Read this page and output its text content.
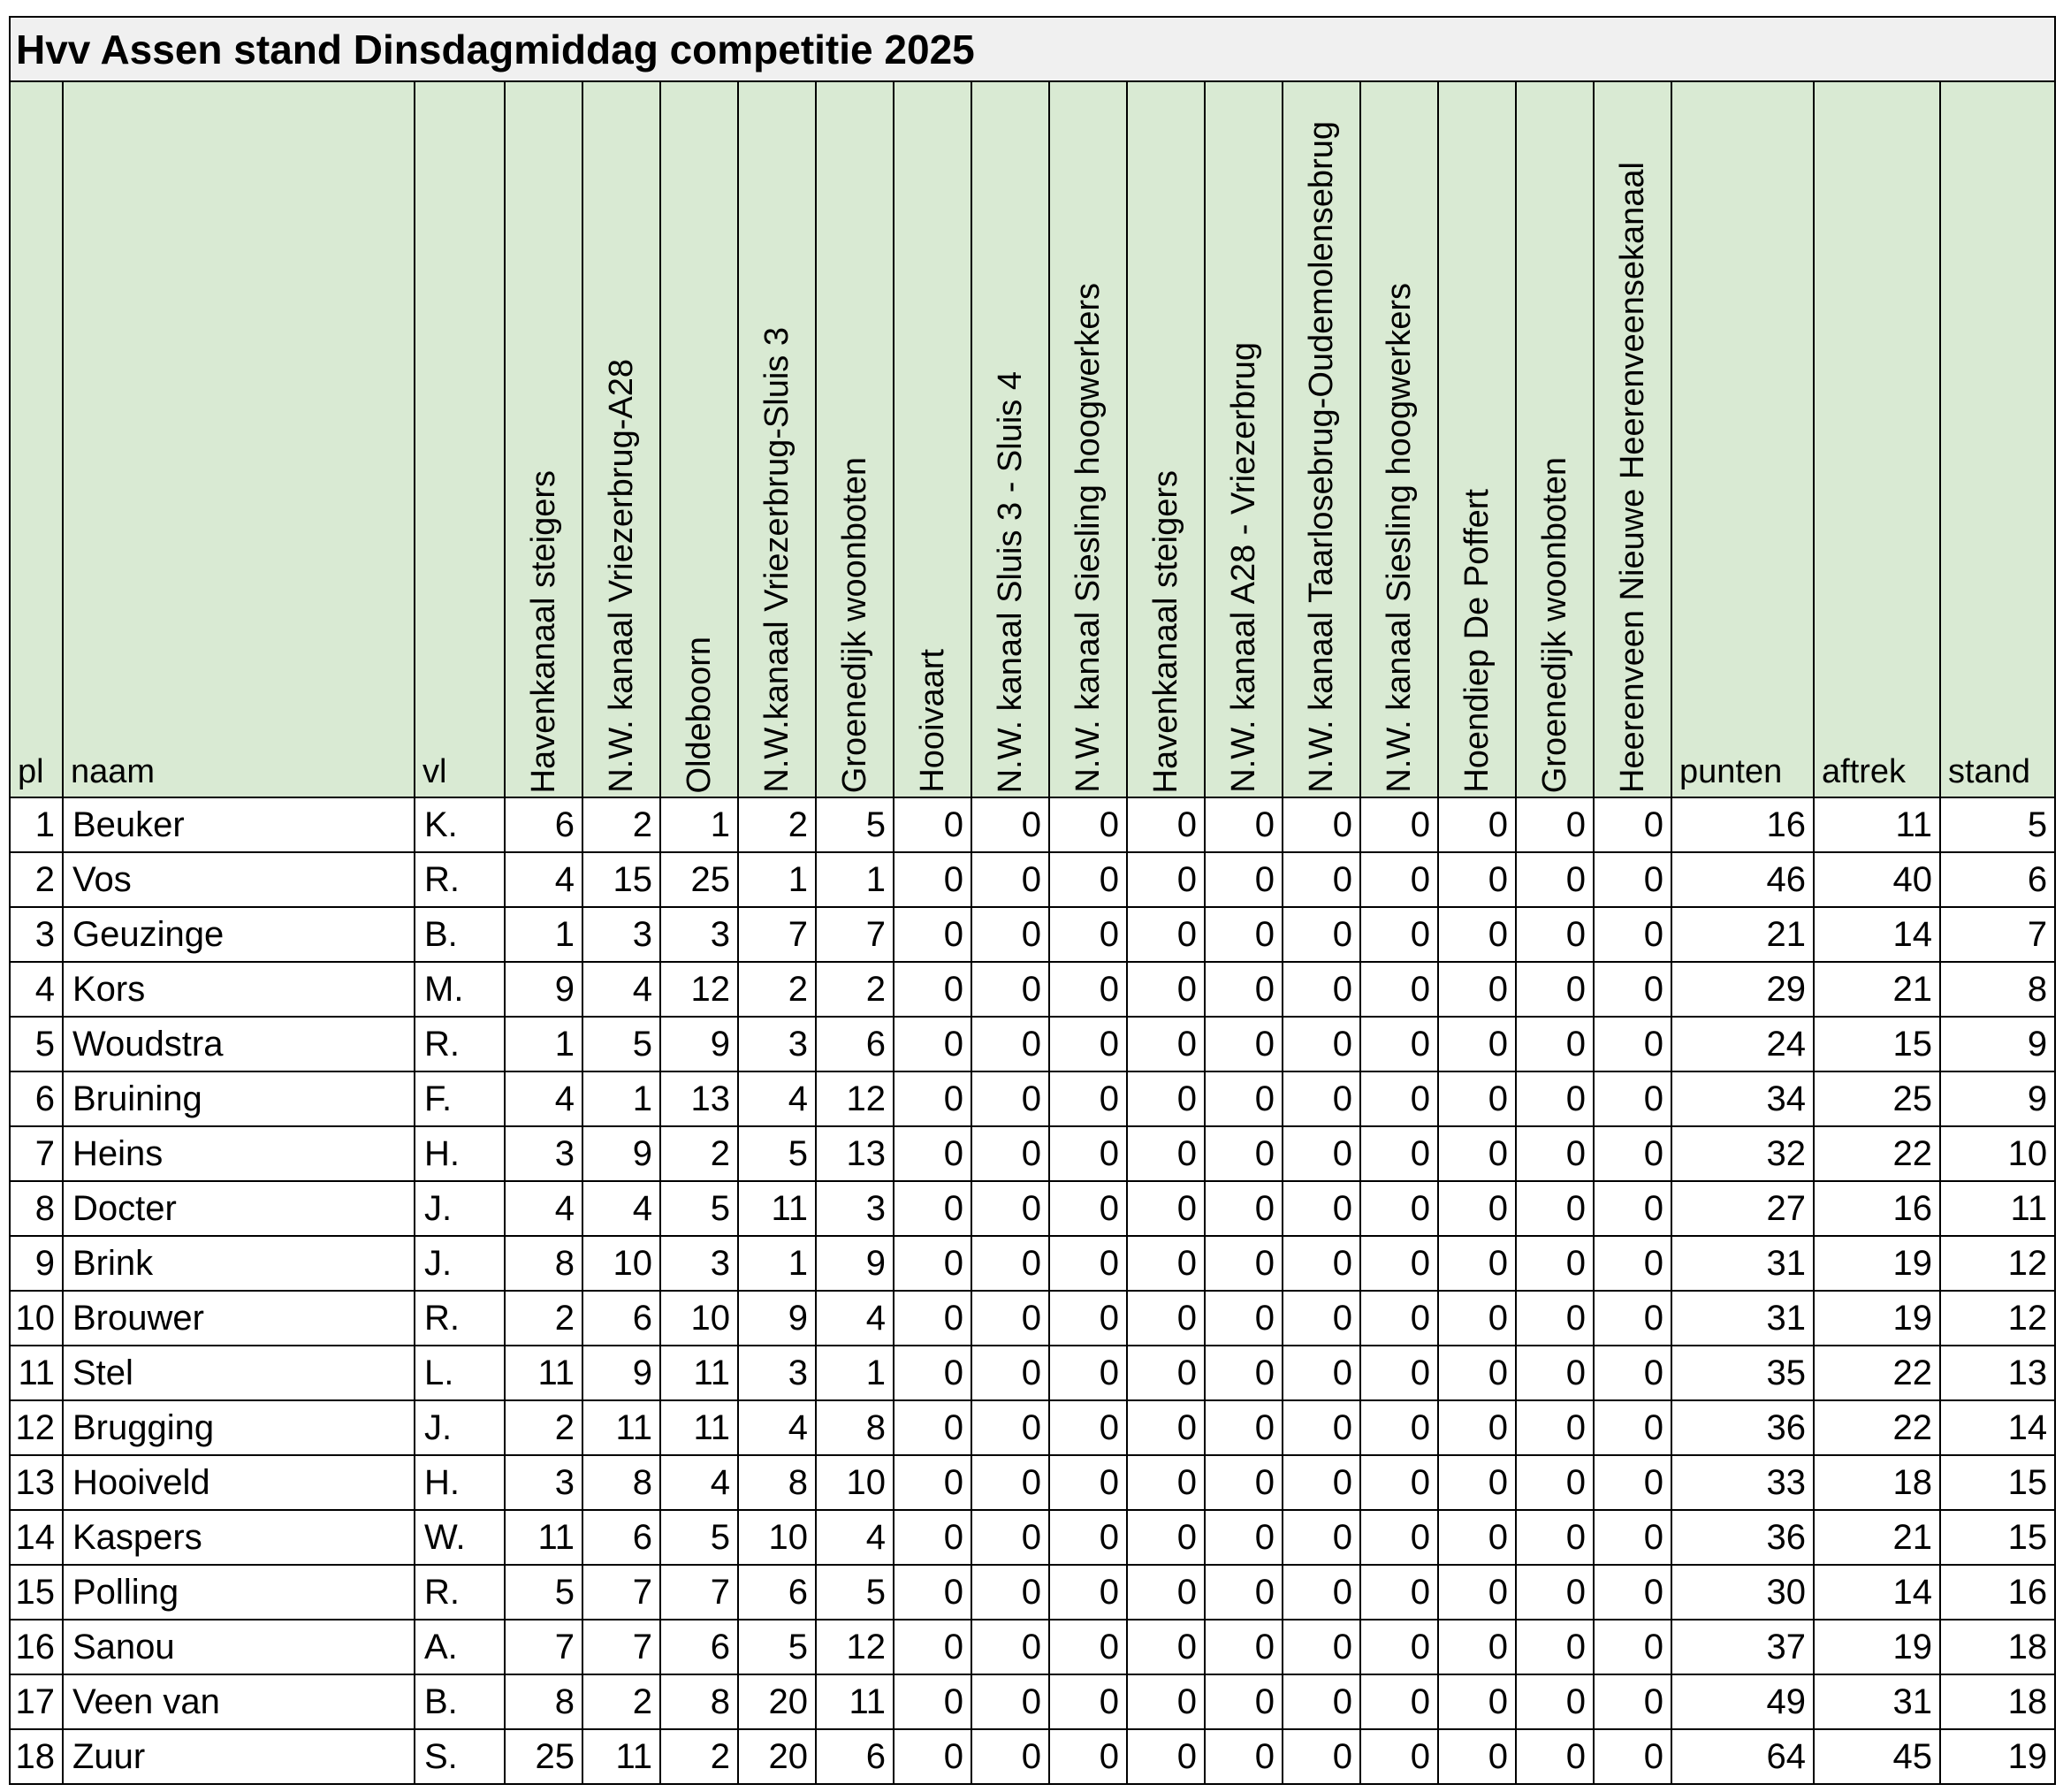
Hvv Assen stand Dinsdagmiddag competitie 2025																				

pl	naam	vl	Havenkanaal steigers	N.W. kanaal Vriezerbrug-A28	Oldeboorn	N.W.kanaal Vriezerbrug-Sluis 3	Groenedijk woonboten	Hooivaart	N.W. kanaal Sluis 3 - Sluis 4	N.W. kanaal Siesling hoogwerkers	Havenkanaal steigers	N.W. kanaal A28 - Vriezerbrug	N.W. kanaal Taarlosebrug-Oudemolensebrug	N.W. kanaal Siesling hoogwerkers	Hoendiep De Poffert	Groenedijk woonboten	Heerenveen Nieuwe Heerenveensekanaal	punten	aftrek	stand

1	Beuker	K.	6	2	1	2	5	0	0	0	0	0	0	0	0	0	0	16	11	5
2	Vos	R.	4	15	25	1	1	0	0	0	0	0	0	0	0	0	0	46	40	6
3	Geuzinge	B.	1	3	3	7	7	0	0	0	0	0	0	0	0	0	0	21	14	7
4	Kors	M.	9	4	12	2	2	0	0	0	0	0	0	0	0	0	0	29	21	8
5	Woudstra	R.	1	5	9	3	6	0	0	0	0	0	0	0	0	0	0	24	15	9
6	Bruining	F.	4	1	13	4	12	0	0	0	0	0	0	0	0	0	0	34	25	9
7	Heins	H.	3	9	2	5	13	0	0	0	0	0	0	0	0	0	0	32	22	10
8	Docter	J.	4	4	5	11	3	0	0	0	0	0	0	0	0	0	0	27	16	11
9	Brink	J.	8	10	3	1	9	0	0	0	0	0	0	0	0	0	0	31	19	12
10	Brouwer	R.	2	6	10	9	4	0	0	0	0	0	0	0	0	0	0	31	19	12
11	Stel	L.	11	9	11	3	1	0	0	0	0	0	0	0	0	0	0	35	22	13
12	Brugging	J.	2	11	11	4	8	0	0	0	0	0	0	0	0	0	0	36	22	14
13	Hooiveld	H.	3	8	4	8	10	0	0	0	0	0	0	0	0	0	0	33	18	15
14	Kaspers	W.	11	6	5	10	4	0	0	0	0	0	0	0	0	0	0	36	21	15
15	Polling	R.	5	7	7	6	5	0	0	0	0	0	0	0	0	0	0	30	14	16
16	Sanou	A.	7	7	6	5	12	0	0	0	0	0	0	0	0	0	0	37	19	18
17	Veen van	B.	8	2	8	20	11	0	0	0	0	0	0	0	0	0	0	49	31	18
18	Zuur	S.	25	11	2	20	6	0	0	0	0	0	0	0	0	0	0	64	45	19
